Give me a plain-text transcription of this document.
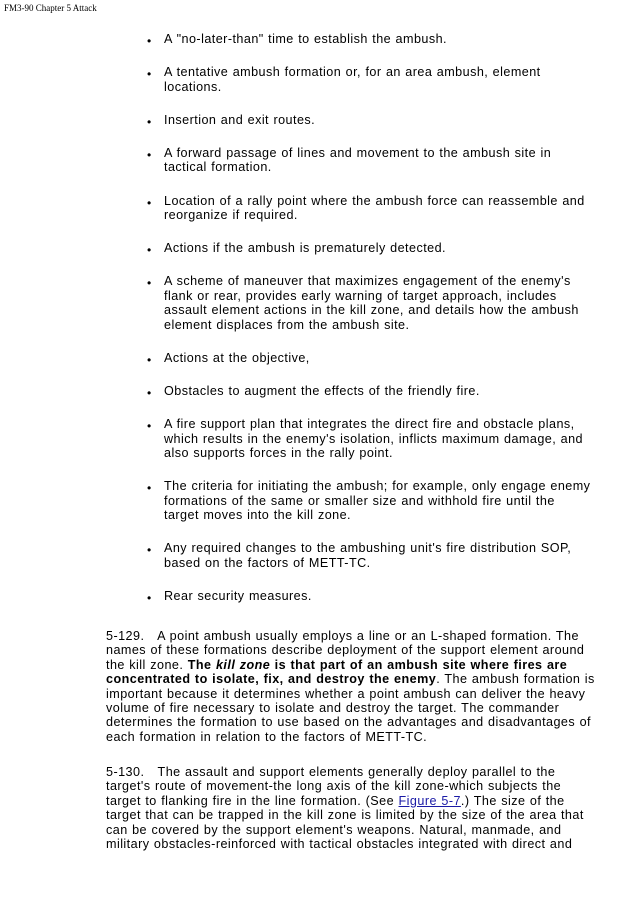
FM3-90 Chapter 5 Attack
• A "no-later-than" time to establish the ambush.
• A tentative ambush formation or, for an area ambush, element locations.
• Insertion and exit routes.
• A forward passage of lines and movement to the ambush site in tactical formation.
• Location of a rally point where the ambush force can reassemble and reorganize if required.
• Actions if the ambush is prematurely detected.
• A scheme of maneuver that maximizes engagement of the enemy's flank or rear, provides early warning of target approach, includes assault element actions in the kill zone, and details how the ambush element displaces from the ambush site.
• Actions at the objective,
• Obstacles to augment the effects of the friendly fire.
• A fire support plan that integrates the direct fire and obstacle plans, which results in the enemy's isolation, inflicts maximum damage, and also supports forces in the rally point.
• The criteria for initiating the ambush; for example, only engage enemy formations of the same or smaller size and withhold fire until the target moves into the kill zone.
• Any required changes to the ambushing unit's fire distribution SOP, based on the factors of METT-TC.
• Rear security measures.

5-129. A point ambush usually employs a line or an L-shaped formation. The names of these formations describe deployment of the support element around the kill zone. The kill zone is that part of an ambush site where fires are concentrated to isolate, fix, and destroy the enemy. The ambush formation is important because it determines whether a point ambush can deliver the heavy volume of fire necessary to isolate and destroy the target. The commander determines the formation to use based on the advantages and disadvantages of each formation in relation to the factors of METT-TC.

5-130. The assault and support elements generally deploy parallel to the target's route of movement-the long axis of the kill zone-which subjects the target to flanking fire in the line formation. (See Figure 5-7.) The size of the target that can be trapped in the kill zone is limited by the size of the area that can be covered by the support element's weapons. Natural, manmade, and military obstacles-reinforced with tactical obstacles integrated with direct and
